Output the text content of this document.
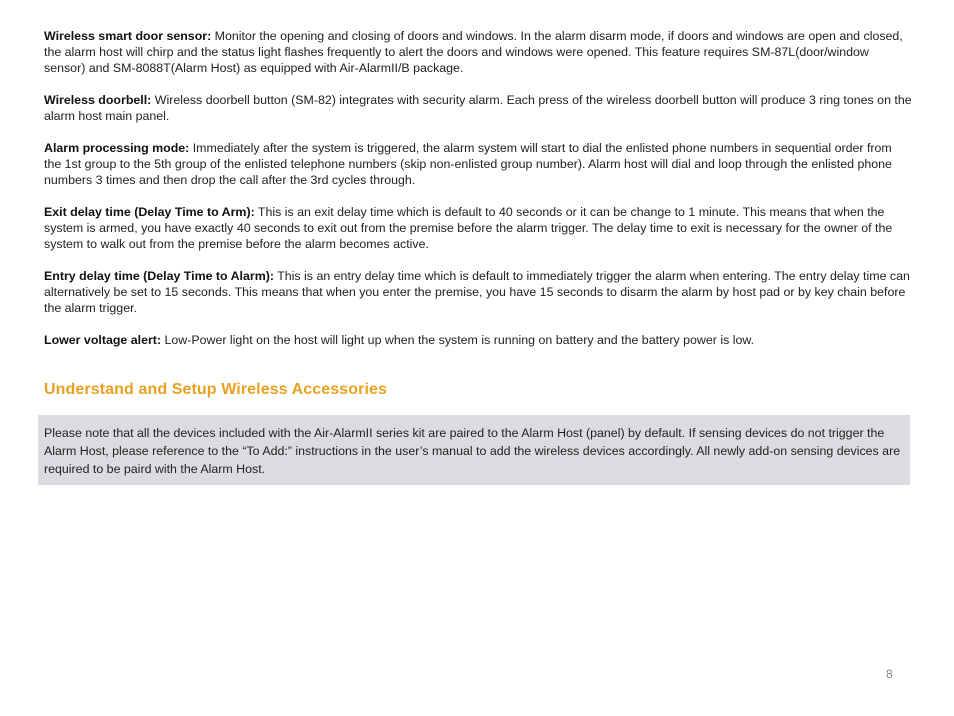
Wireless smart door sensor: Monitor the opening and closing of doors and windows. In the alarm disarm mode, if doors and windows are open and closed, the alarm host will chirp and the status light flashes frequently to alert the doors and windows were opened. This feature requires SM-87L(door/window sensor) and SM-8088T(Alarm Host) as equipped with Air-AlarmII/B package.

Wireless doorbell: Wireless doorbell button (SM-82) integrates with security alarm. Each press of the wireless doorbell button will produce 3 ring tones on the alarm host main panel.

Alarm processing mode: Immediately after the system is triggered, the alarm system will start to dial the enlisted phone numbers in sequential order from the 1st group to the 5th group of the enlisted telephone numbers (skip non-enlisted group number). Alarm host will dial and loop through the enlisted phone numbers 3 times and then drop the call after the 3rd cycles through.

Exit delay time (Delay Time to Arm): This is an exit delay time which is default to 40 seconds or it can be change to 1 minute. This means that when the system is armed, you have exactly 40 seconds to exit out from the premise before the alarm trigger. The delay time to exit is necessary for the owner of the system to walk out from the premise before the alarm becomes active.

Entry delay time (Delay Time to Alarm): This is an entry delay time which is default to immediately trigger the alarm when entering. The entry delay time can alternatively be set to 15 seconds. This means that when you enter the premise, you have 15 seconds to disarm the alarm by host pad or by key chain before the alarm trigger.

Lower voltage alert: Low-Power light on the host will light up when the system is running on battery and the battery power is low.

Understand and Setup Wireless Accessories

Please note that all the devices included with the Air-AlarmII series kit are paired to the Alarm Host (panel) by default. If sensing devices do not trigger the Alarm Host, please reference to the “To Add:” instructions in the user’s manual to add the wireless devices accordingly. All newly add-on sensing devices are required to be paird with the Alarm Host.

8
